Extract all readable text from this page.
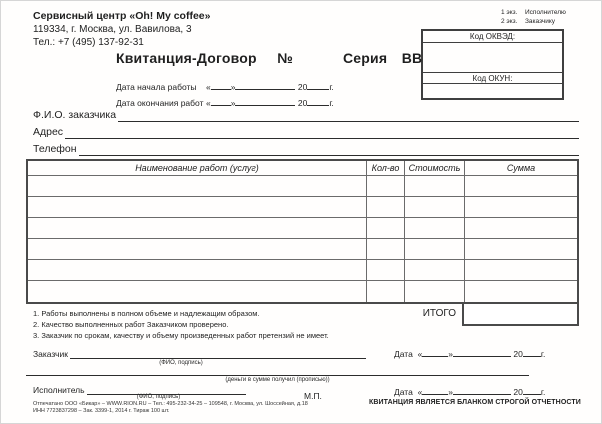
Сервисный центр «Oh! My coffee»
119334, г. Москва, ул. Вавилова, 3
Тел.: +7 (495) 137-92-31
1 экз.	Исполнителю
2 экз.	Заказчику
Код ОКВЭД:
Код ОКУН:
Квитанция-Договор №	Серия ВВ
Дата начала работы « »	20	г.
Дата окончания работ « »	20	г.
Ф.И.О. заказчика
Адрес
Телефон
Наименование работ (услуг)	Кол-во	Стоимость	Сумма
ИТОГО
1. Работы выполнены в полном объеме и надлежащим образом.
2. Качество выполненных работ Заказчиком проверено.
3. Заказчик по срокам, качеству и объему произведенных работ претензий не имеет.
Заказчик
(ФИО, подпись)
Дата «	»	20 г.
(деньги в сумме получил (прописью))
Исполнитель
(ФИО, подпись)	Дата «	»	20 г.
М.П.
Отпечатано ООО «Бикар» – WWW.RION.RU – Тел.: 495-232-34-25 – 109548, г. Москва, ул. Шоссейная, д.18
ИНН 7723837298 – Зак. 3399-1, 2014 г. Тираж 100 шт.
КВИТАНЦИЯ ЯВЛЯЕТСЯ БЛАНКОМ СТРОГОЙ ОТЧЕТНОСТИ
